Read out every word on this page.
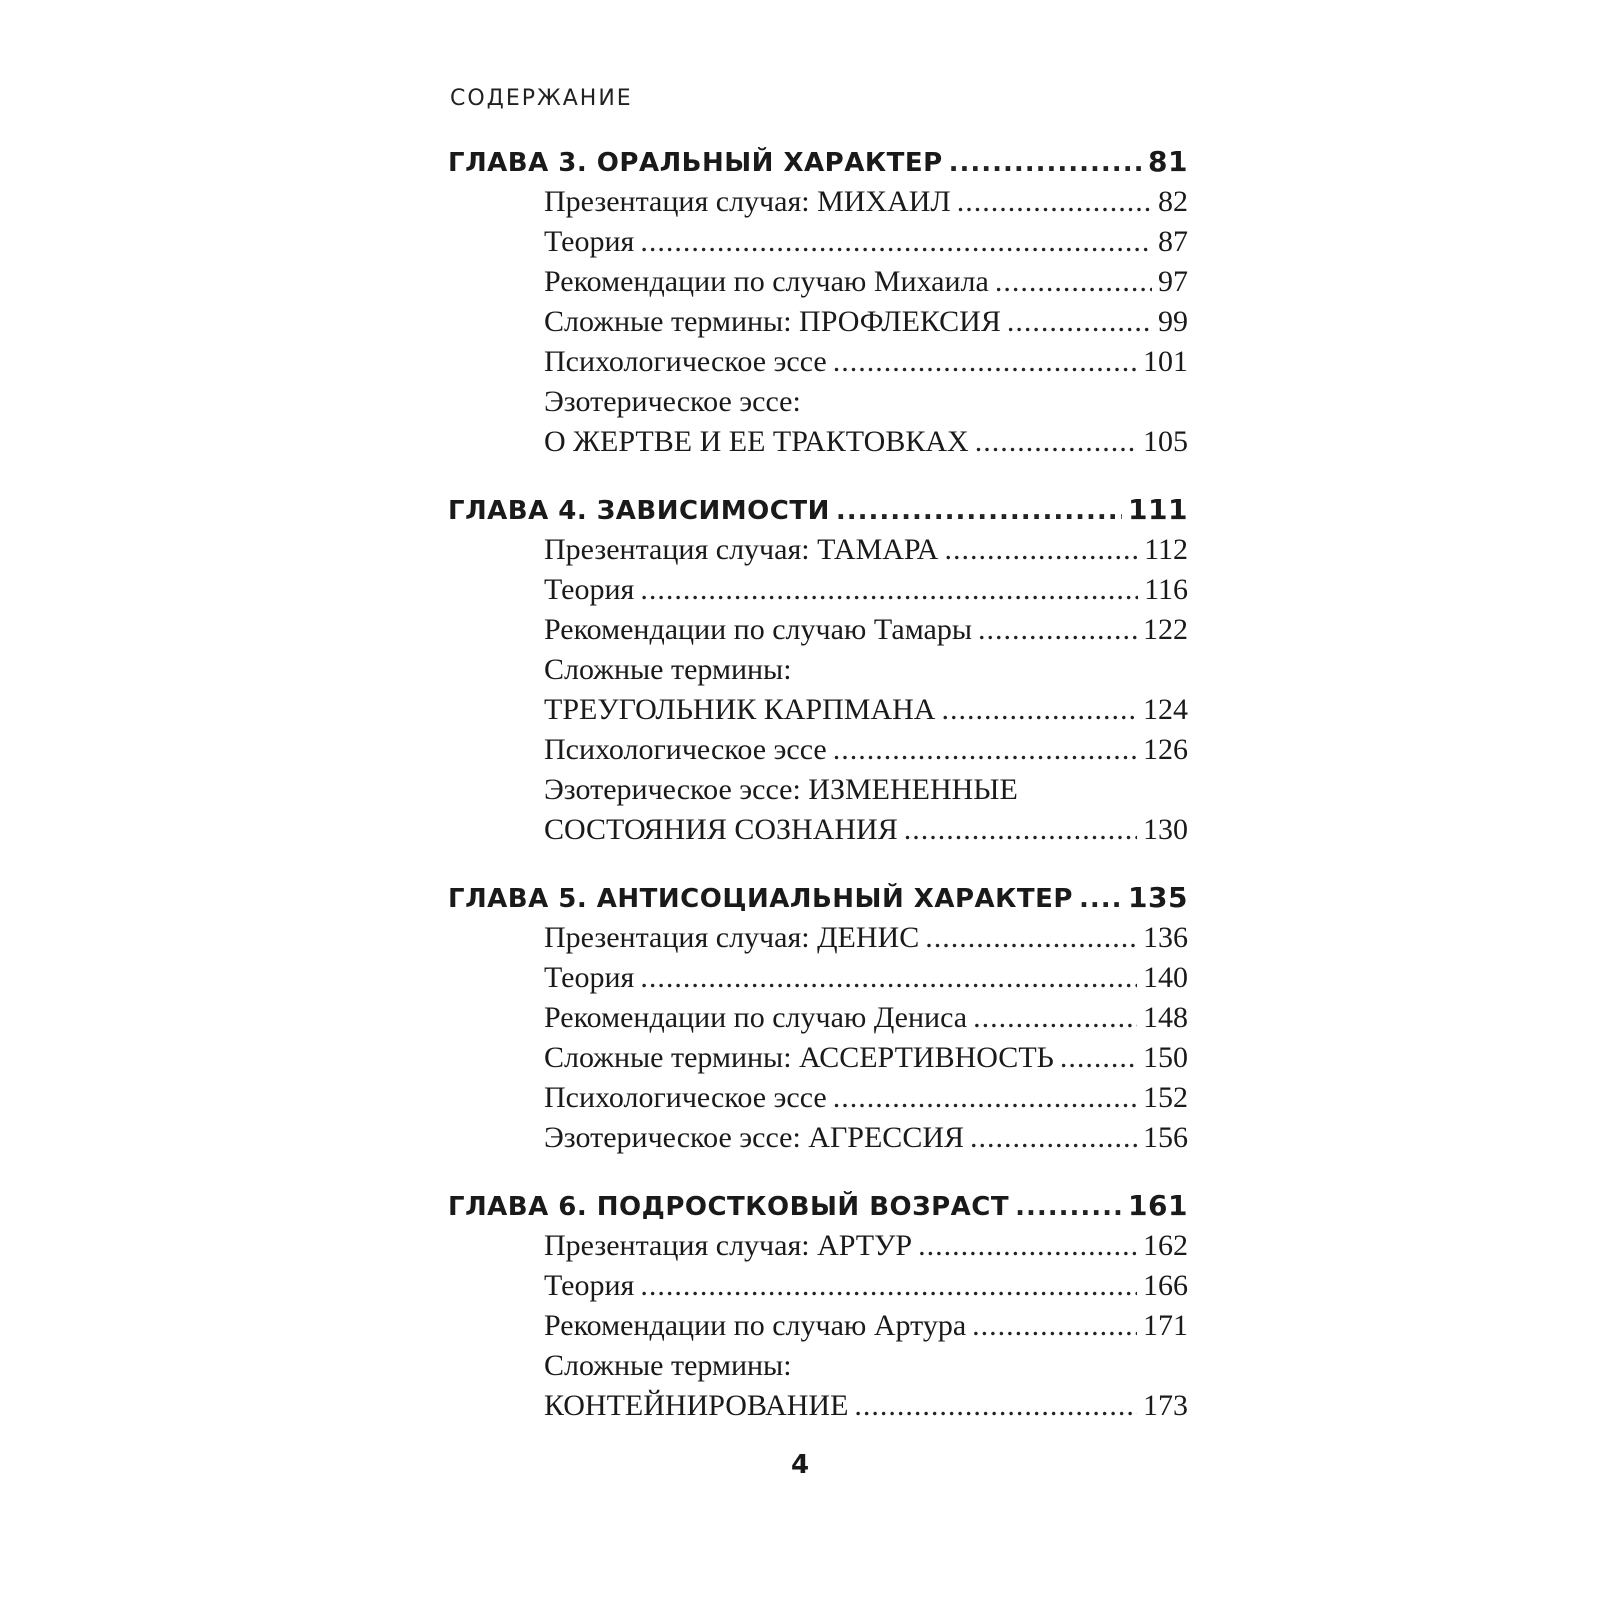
СОДЕРЖАНИЕ
ГЛАВА 3. ОРАЛЬНЫЙ ХАРАКТЕР .....	81
Презентация случая: МИХАИЛ .....	82
Теория .....	87
Рекомендации по случаю Михаила .....	97
Сложные термины: ПРОФЛЕКСИЯ .....	99
Психологическое эссе .....	101
Эзотерическое эссе:
О ЖЕРТВЕ И ЕЕ ТРАКТОВКАХ .....	105
ГЛАВА 4. ЗАВИСИМОСТИ .....	111
Презентация случая: ТАМАРА .....	112
Теория .....	116
Рекомендации по случаю Тамары .....	122
Сложные термины:
ТРЕУГОЛЬНИК КАРПМАНА .....	124
Психологическое эссе .....	126
Эзотерическое эссе: ИЗМЕНЕННЫЕ
СОСТОЯНИЯ СОЗНАНИЯ .....	130
ГЛАВА 5. АНТИСОЦИАЛЬНЫЙ ХАРАКТЕР ..... 135
Презентация случая: ДЕНИС .....	136
Теория .....	140
Рекомендации по случаю Дениса .....	148
Сложные термины: АССЕРТИВНОСТЬ .....	150
Психологическое эссе .....	152
Эзотерическое эссе: АГРЕССИЯ .....	156
ГЛАВА 6. ПОДРОСТКОВЫЙ ВОЗРАСТ .....	161
Презентация случая: АРТУР .....	162
Теория .....	166
Рекомендации по случаю Артура .....	171
Сложные термины:
КОНТЕЙНИРОВАНИЕ .....	173
4
